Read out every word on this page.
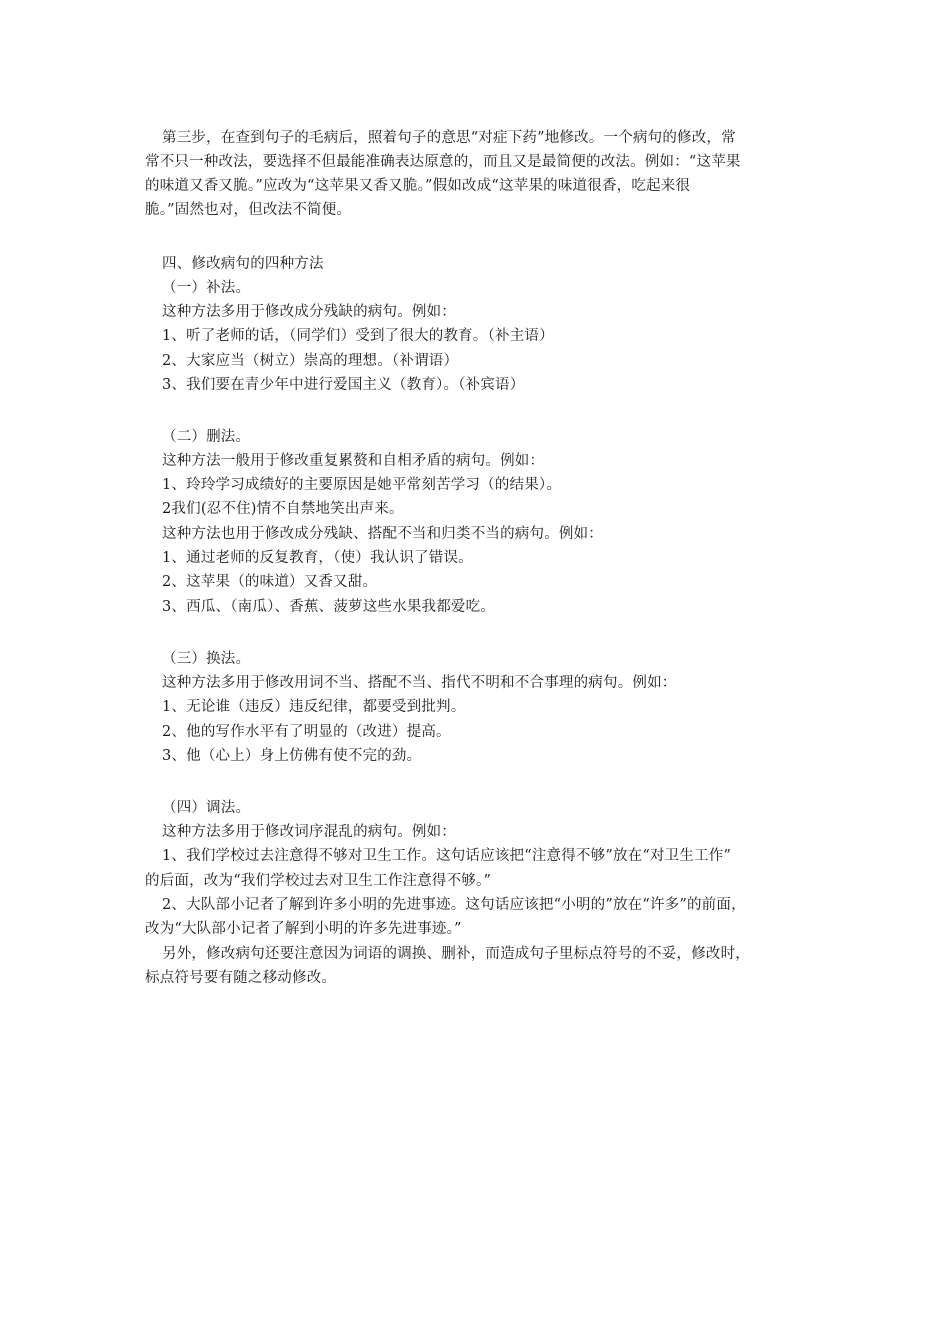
第三步，在查到句子的毛病后，照着句子的意思“对症下药”地修改。一个病句的修改，常
常不只一种改法，要选择不但最能准确表达原意的，而且又是最简便的改法。例如：“这苹果
的味道又香又脆。”应改为“这苹果又香又脆。”假如改成“这苹果的味道很香，吃起来很
脆。”固然也对，但改法不简便。
四、修改病句的四种方法
（一）补法。
这种方法多用于修改成分残缺的病句。例如：
1、听了老师的话，（同学们）受到了很大的教育。（补主语）
2、大家应当（树立）崇高的理想。（补谓语）
3、我们要在青少年中进行爱国主义（教育）。（补宾语）
（二）删法。
这种方法一般用于修改重复累赘和自相矛盾的病句。例如：
1、玲玲学习成绩好的主要原因是她平常刻苦学习（的结果）。
2我们(忍不住)情不自禁地笑出声来。
这种方法也用于修改成分残缺、搭配不当和归类不当的病句。例如：
1、通过老师的反复教育，（使）我认识了错误。
2、这苹果（的味道）又香又甜。
3、西瓜、（南瓜）、香蕉、菠萝这些水果我都爱吃。
（三）换法。
这种方法多用于修改用词不当、搭配不当、指代不明和不合事理的病句。例如：
1、无论谁（违反）违反纪律，都要受到批判。
2、他的写作水平有了明显的（改进）提高。
3、他（心上）身上仿佛有使不完的劲。
（四）调法。
这种方法多用于修改词序混乱的病句。例如：
1、我们学校过去注意得不够对卫生工作。这句话应该把“注意得不够”放在“对卫生工作”
的后面，改为“我们学校过去对卫生工作注意得不够。”
2、大队部小记者了解到许多小明的先进事迹。这句话应该把“小明的”放在“许多”的前面，
改为“大队部小记者了解到小明的许多先进事迹。”
另外，修改病句还要注意因为词语的调换、删补，而造成句子里标点符号的不妥，修改时，
标点符号要有随之移动修改。
